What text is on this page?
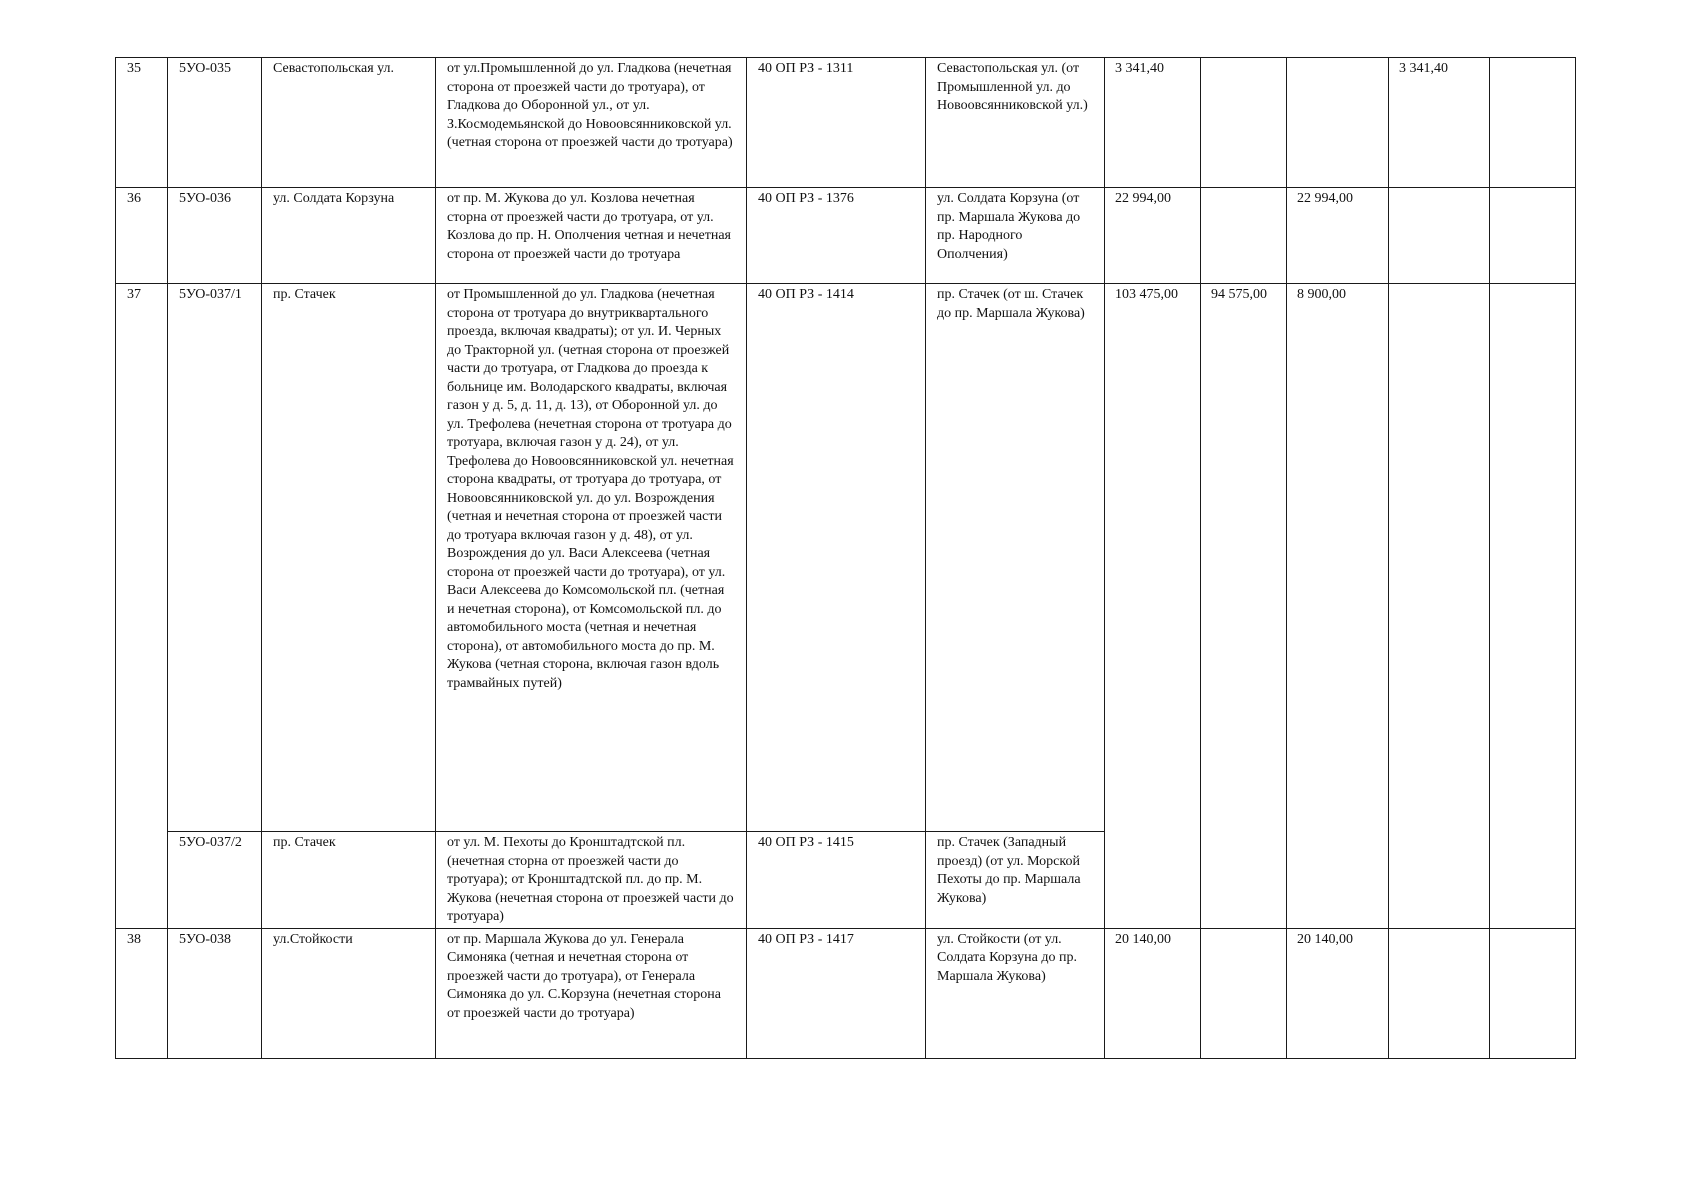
35	5УО-035	Севастопольская ул.	от ул.Промышленной до ул. Гладкова (нечетная сторона от проезжей части до тротуара), от Гладкова до Оборонной ул., от ул. З.Космодемьянской до Новоовсянниковской ул. (четная сторона от проезжей части до тротуара)	40 ОП РЗ - 1311	Севастопольская ул. (от Промышленной ул. до Новоовсянниковской ул.)	3 341,40			3 341,40	
36	5УО-036	ул. Солдата Корзуна	от пр. М. Жукова до ул. Козлова нечетная сторна от проезжей части до тротуара, от ул. Козлова до пр. Н. Ополчения четная и нечетная сторона от проезжей части до тротуара	40 ОП РЗ - 1376	ул. Солдата Корзуна (от пр. Маршала Жукова до пр. Народного Ополчения)	22 994,00		22 994,00		
37	5УО-037/1	пр. Стачек	от Промышленной до ул. Гладкова (нечетная сторона от тротуара до внутриквартального проезда, включая квадраты); от ул. И. Черных до Тракторной ул. (четная сторона от проезжей части до тротуара, от Гладкова до проезда к больнице им. Володарского квадраты, включая газон у д. 5, д. 11, д. 13), от Оборонной ул. до ул. Трефолева (нечетная сторона от тротуара до тротуара, включая газон у д. 24), от ул. Трефолева до Новоовсянниковской ул. нечетная сторона квадраты, от тротуара до тротуара, от Новоовсянниковской ул. до ул. Возрождения (четная и нечетная сторона от проезжей части до тротуара включая газон у д. 48), от ул. Возрождения до ул. Васи Алексеева (четная сторона от проезжей части до тротуара), от ул. Васи Алексеева до Комсомольской пл. (четная и нечетная сторона), от Комсомольской пл. до автомобильного моста (четная и нечетная сторона), от автомобильного моста до пр. М. Жукова (четная сторона, включая газон вдоль трамвайных путей)	40 ОП РЗ - 1414	пр. Стачек (от ш. Стачек до пр. Маршала Жукова)	103 475,00	94 575,00	8 900,00		
	5УО-037/2	пр. Стачек	от ул. М. Пехоты до Кронштадтской пл. (нечетная сторна от проезжей части до тротуара); от Кронштадтской пл. до пр. М. Жукова (нечетная сторона от проезжей части до тротуара)	40 ОП РЗ - 1415	пр. Стачек (Западный проезд) (от ул. Морской Пехоты до пр. Маршала Жукова)					
38	5УО-038	ул.Стойкости	от пр. Маршала Жукова до ул. Генерала Симоняка (четная и нечетная сторона от проезжей части до тротуара), от Генерала Симоняка до ул. С.Корзуна (нечетная сторона от проезжей части до тротуара)	40 ОП РЗ - 1417	ул. Стойкости (от ул. Солдата Корзуна до пр. Маршала Жукова)	20 140,00		20 140,00		
